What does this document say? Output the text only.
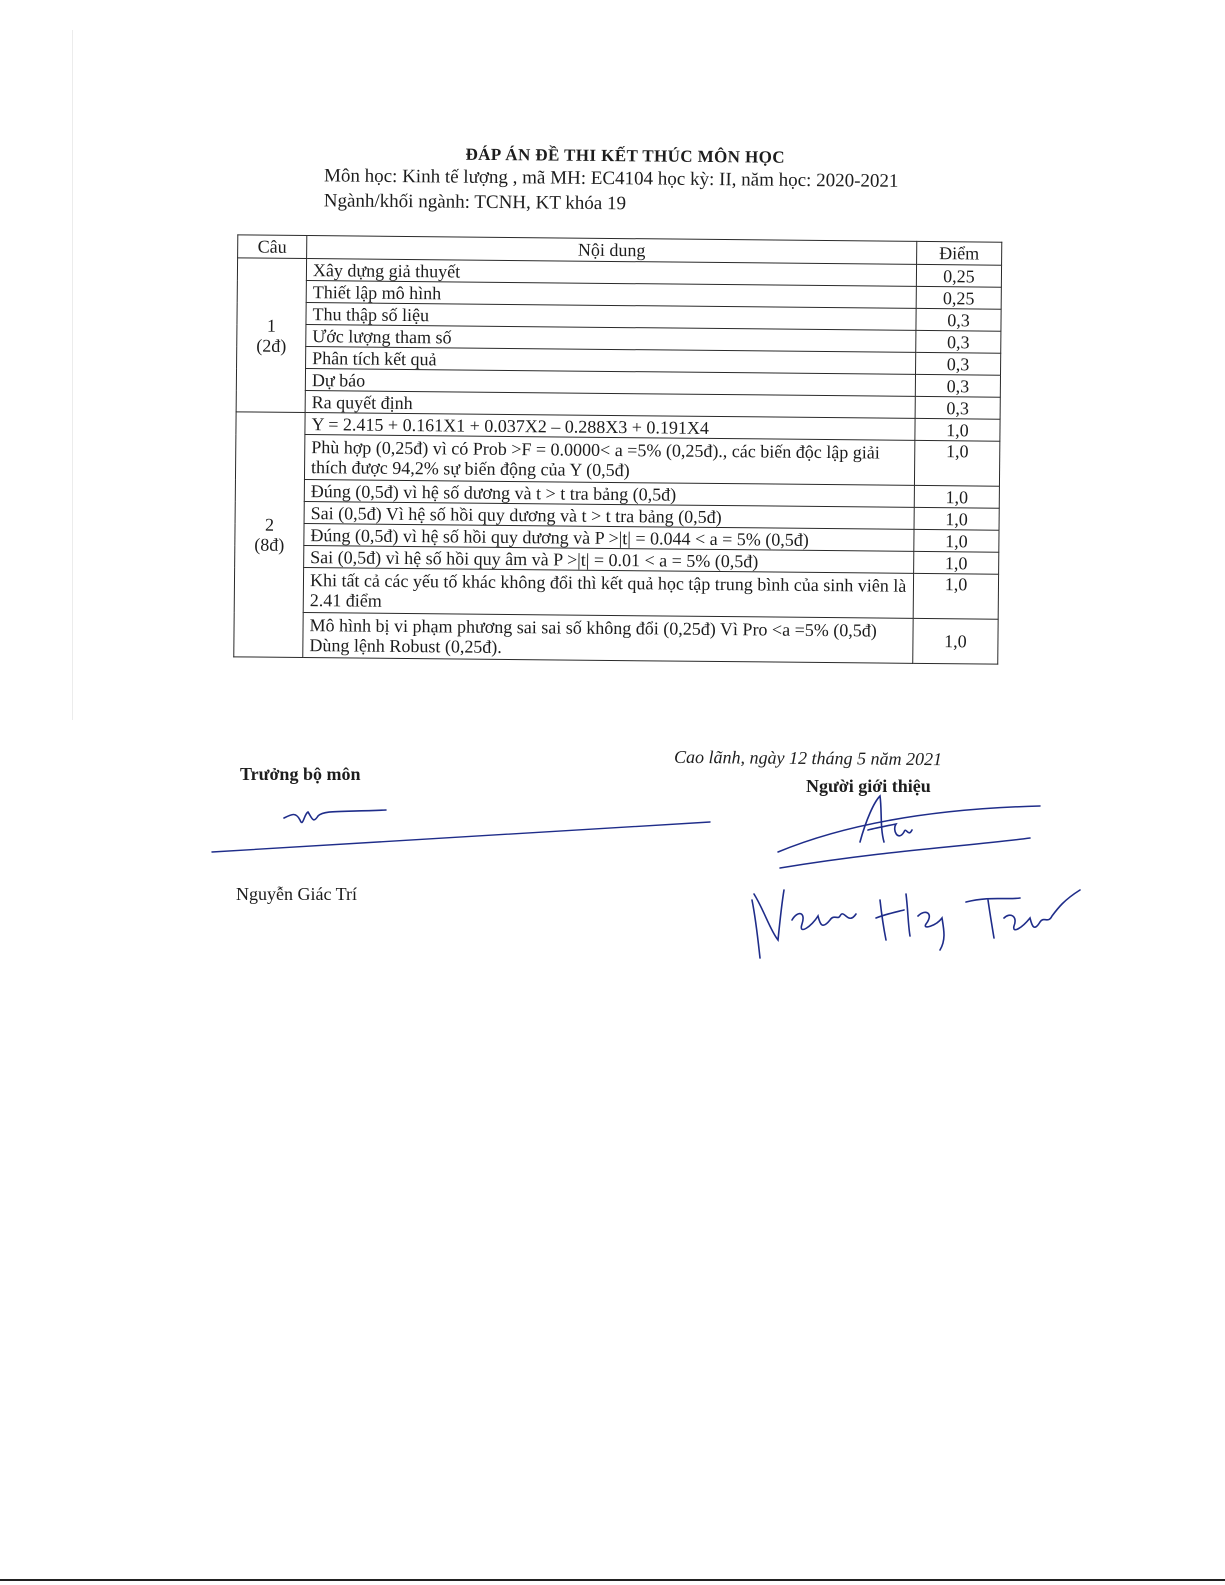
ĐÁP ÁN ĐỀ THI KẾT THÚC MÔN HỌC
Môn học: Kinh tế lượng , mã MH: EC4104 học kỳ: II, năm học: 2020-2021
Ngành/khối ngành: TCNH, KT khóa 19
Câu	Nội dung	Điểm

1
(2đ)	Xây dựng giả thuyết	0,25
	Thiết lập mô hình	0,25
	Thu thập số liệu	0,3
	Ước lượng tham số	0,3
	Phân tích kết quả	0,3
	Dự báo	0,3
	Ra quyết định	0,3

2
(8đ)	Y = 2.415 + 0.161X1 + 0.037X2 – 0.288X3 + 0.191X4	1,0
	Phù hợp (0,25đ) vì có Prob >F = 0.0000< a =5% (0,25đ)., các biến độc lập giải thích được 94,2% sự biến động của Y (0,5đ)	1,0
	Đúng (0,5đ) vì hệ số dương và t > t tra bảng (0,5đ)	1,0
	Sai (0,5đ) Vì hệ số hồi quy dương và t > t tra bảng (0,5đ)	1,0
	Đúng (0,5đ) vì hệ số hồi quy dương và P >|t| = 0.044 < a = 5% (0,5đ)	1,0
	Sai (0,5đ) vì hệ số hồi quy âm và P >|t| = 0.01 < a = 5% (0,5đ)	1,0
	Khi tất cả các yếu tố khác không đổi thì kết quả học tập trung bình của sinh viên là 2.41 điểm	1,0
	Mô hình bị vi phạm phương sai sai số không đổi (0,25đ) Vì Pro <a =5% (0,5đ) Dùng lệnh Robust (0,25đ).	1,0
Cao lãnh, ngày 12 tháng 5 năm 2021
Trưởng bộ môn
Người giới thiệu
Nguyễn Giác Trí
